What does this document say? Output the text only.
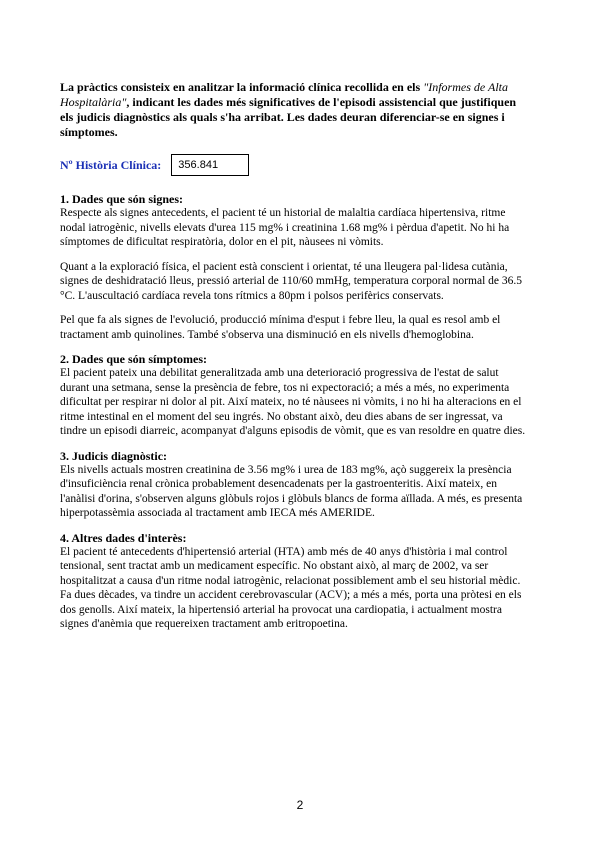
La pràctics consisteix en analitzar la informació clínica recollida en els "Informes de Alta Hospitalària", indicant les dades més significatives de l'episodi assistencial que justifiquen els judicis diagnòstics als quals s'ha arribat. Les dades deuran diferenciar-se en signes i símptomes.

Nº Història Clínica:	356.841

1. Dades que són signes:

Respecte als signes antecedents, el pacient té un historial de malaltia cardíaca hipertensiva, ritme nodal iatrogènic, nivells elevats d'urea 115 mg% i creatinina 1.68 mg% i pèrdua d'apetit. No hi ha símptomes de dificultat respiratòria, dolor en el pit, nàusees ni vòmits.

Quant a la exploració física, el pacient està conscient i orientat, té una lleugera pal·lidesa cutània, signes de deshidratació lleus, pressió arterial de 110/60 mmHg, temperatura corporal normal de 36.5 °C. L'auscultació cardíaca revela tons rítmics a 80pm i polsos perifèrics conservats.

Pel que fa als signes de l'evolució, producció mínima d'esput i febre lleu, la qual es resol amb el tractament amb quinolines. També s'observa una disminució en els nivells d'hemoglobina.

2. Dades que són símptomes:

El pacient pateix una debilitat generalitzada amb una deterioració progressiva de l'estat de salut durant una setmana, sense la presència de febre, tos ni expectoració; a més a més, no experimenta dificultat per respirar ni dolor al pit. Així mateix, no té nàusees ni vòmits, i no hi ha alteracions en el ritme intestinal en el moment del seu ingrés. No obstant això, deu dies abans de ser ingressat, va tindre un episodi diarreic, acompanyat d'alguns episodis de vòmit, que es van resoldre en quatre dies.

3. Judicis diagnòstic:

Els nivells actuals mostren creatinina de 3.56 mg% i urea de 183 mg%, açò suggereix la presència d'insuficiència renal crònica probablement desencadenats per la gastroenteritis. Així mateix, en l'anàlisi d'orina, s'observen alguns glòbuls rojos i glòbuls blancs de forma aïllada. A més, es presenta hiperpotassèmia associada al tractament amb IECA més AMERIDE.

4. Altres dades d'interès:

El pacient té antecedents d'hipertensió arterial (HTA) amb més de 40 anys d'història i mal control tensional, sent tractat amb un medicament específic. No obstant això, al març de 2002, va ser hospitalitzat a causa d'un ritme nodal iatrogènic, relacionat possiblement amb el seu historial mèdic. Fa dues dècades, va tindre un accident cerebrovascular (ACV); a més a més, porta una pròtesi en els dos genolls. Així mateix, la hipertensió arterial ha provocat una cardiopatia, i actualment mostra signes d'anèmia que requereixen tractament amb eritropoetina.

2
